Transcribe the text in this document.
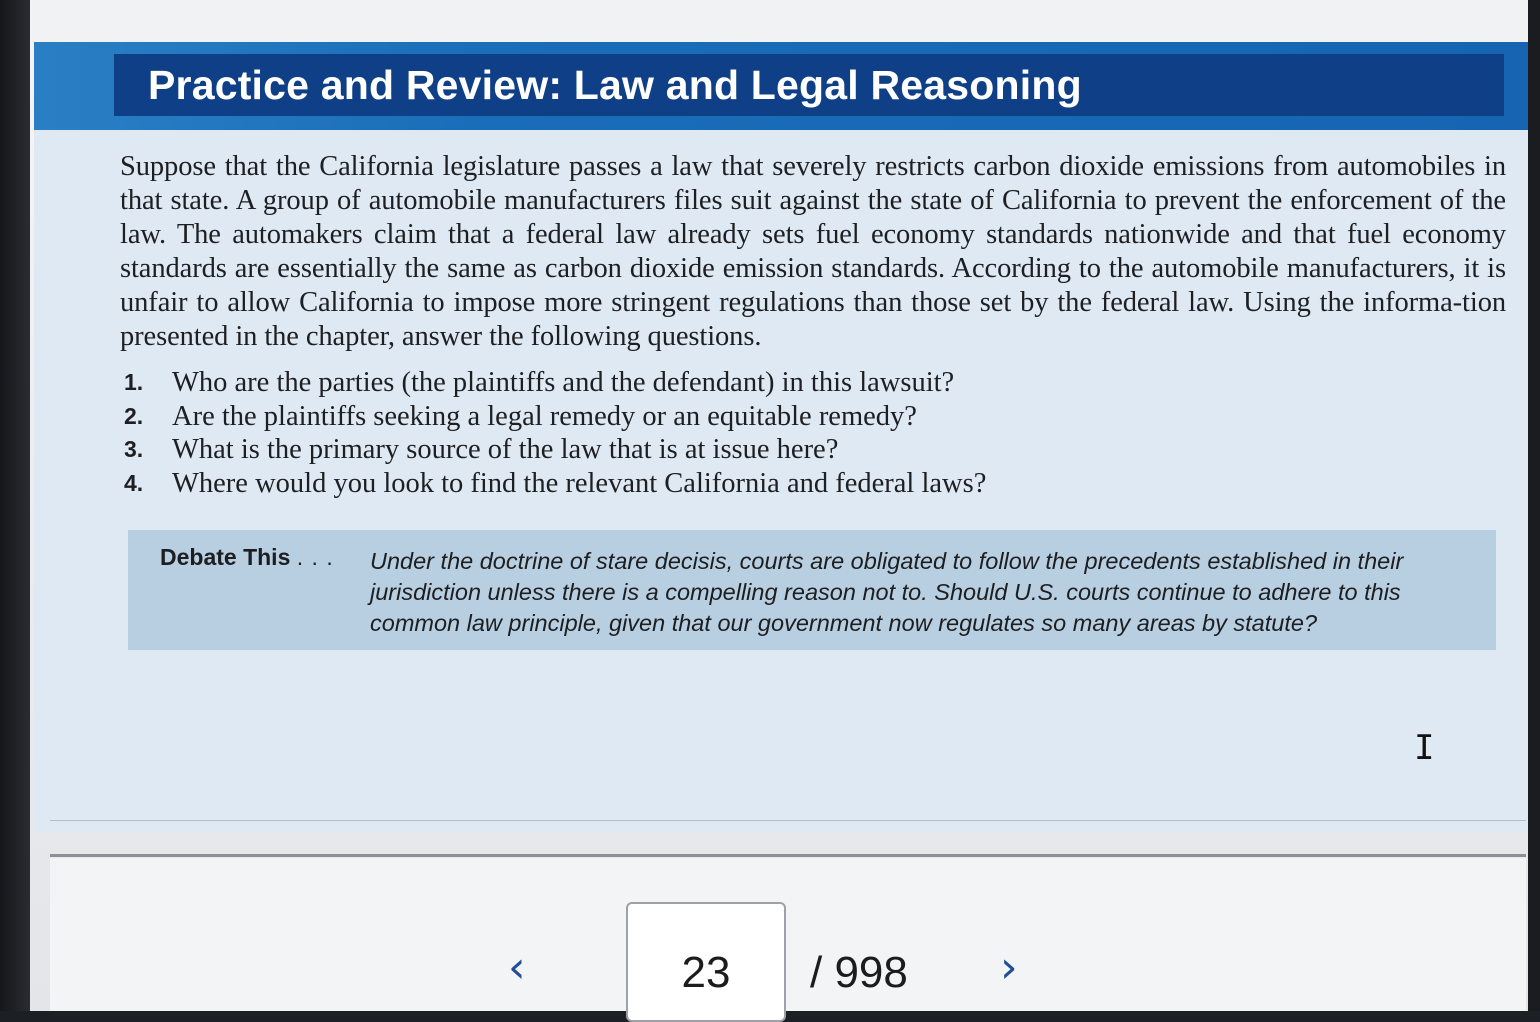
Practice and Review: Law and Legal Reasoning

Suppose that the California legislature passes a law that severely restricts carbon dioxide emissions from automobiles in that state. A group of automobile manufacturers files suit against the state of California to prevent the enforcement of the law. The automakers claim that a federal law already sets fuel economy standards nationwide and that fuel economy standards are essentially the same as carbon dioxide emission standards. According to the automobile manufacturers, it is unfair to allow California to impose more stringent regulations than those set by the federal law. Using the informa-tion presented in the chapter, answer the following questions.

1.	Who are the parties (the plaintiffs and the defendant) in this lawsuit?
2.	Are the plaintiffs seeking a legal remedy or an equitable remedy?
3.	What is the primary source of the law that is at issue here?
4.	Where would you look to find the relevant California and federal laws?
Debate This . . .	Under the doctrine of stare decisis, courts are obligated to follow the precedents established in their jurisdiction unless there is a compelling reason not to. Should U.S. courts continue to adhere to this common law principle, given that our government now regulates so many areas by statute?
I
‹	23	/ 998 ›
